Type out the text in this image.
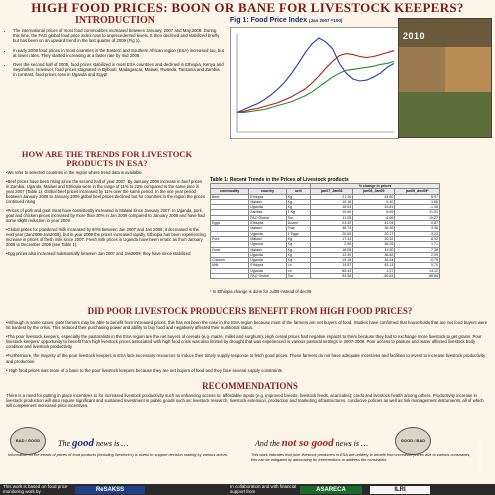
HIGH FOOD PRICES: BOON OR BANE FOR LIVESTOCK KEEPERS?
INTRODUCTION
• The international prices of most food commodities increased between January, 2007 and May,2008. During this time, the FAO global food price index rose to unprecedented levels. It then declined and stabilized briefly but has been on an upward trend in the last quarter of 2009 (Fig 1).
• In early 2008 food prices in most countries in the Eastern and Southern African region (ESA) increased too, but at lower rates. They started increasing at a faster rate by mid 2008.
• Over the second half of 2009, food prices stabilized in most ESA countries and declined in Ethiopia, Kenya and Seychelles. However, food prices stagnated in Djibouti, Madagascar, Malawi, Rwanda, Tanzania and Zambia. In contrast, food prices rose in Uganda and Egypt
Fig 1: Food Price Index (Jan 2007 =100)
2010
HOW ARE THE TRENDS FOR LIVESTOCK PRODUCTS IN ESA?

•We refer to selected countries in the region where trend data is available.

•Beef prices have been rising since the second half of year 2007. By January 2008 increase in beef prices in Zambia, Uganda, Malawi and Ethiopia were in the range of 11% to 22% compared to the same time in year 2007 (Table 1). Global beef prices increased by 11% over the same period. In the one year period between January 2008 to January 2009 global beef prices declined but for countries in the region the prices continued rising

•Prices of pork and goat meat have consistently increased in Malawi since January 2007. In Uganda, pork, goat and chicken prices increased by more than 30% in Jan 2009 compared to January 2008 and have had some slight reduction in year 2009.

•Global prices for powdered milk increased by 94% between Jan 2007 and Jan 2008, it decreased in the next year (Jan2008-Jan2009), but in year 2009 the prices increased rapidly. Ethiopia has been experiencing increase in prices of fresh milk since 2007. Fresh milk prices in Uganda have been erratic as from January 2008 to December 2009 (see Table 1)

•Egg prices also increased substantially between Jan 2007 and Jan2009; they have since stabilized

Table 1: Recent Trends in the Prices of Livestock products
			% change in prices		
commodity	country	unit	jan07_Jan08	jan08_Jan09	jan09_dec09*
Beef	Ethiopia	Kg	21.26	44.60	6.97
	Malawi	Kg	16.16	9.40	3.86
	Uganda	Kg	18.54	33.81	-1.38
	Zambia	1 Kg	10.69	6.59	11.51
	FAO Global	Ton	11.05	-6.69	19.27
Eggs	Ethiopia	Dozen	23.92	41.04	0.87
	Malawi	Tray	48.74	36.36	3.06
	Uganda	1 Eggs	20.65	20.17	-3.23
Pork	Malawi	Kg	17.34	30.32	8.92
	Uganda	Kg	2.96	36.25	1.71
Goat	Malawi	Kg	18.08	43.50	7.38
	Uganda	Kg	12.49	36.82	2.09
Chicken	Uganda	Kg	19.18	36.44	-0.79
Milk	Ethiopia	Ltr	14.57	45.13	5.70
	Uganda	Ltr	85.44	3.37	14.12
	FAO Global	Ton	94.38	-56.83	86.84
* In Ethiopia change is done for Jul09 instead of dec09
DID POOR LIVESTOCK PRODUCERS BENEFIT FROM HIGH FOOD PRICES?

•Although in some cases, poor farmers may be able to benefit from increased prices, this has not been the case in the ESA region because most of the farmers are net buyers of food. Studies have confirmed that households that are net food buyers were hit hardest by the crisis. This reduced their purchasing power and ability to buy food and negatively affected their nutritional status.

•The poor livestock keepers, especially the pastoralists in the ESA region are the net buyers of cereals (e.g. maize, millet and sorghum). High cereal prices had negative impacts to them because they had to exchange more livestock to get grains. Poor livestock keepers' opportunity to benefit from high livestock prices associated with high food crisis was also limited by drought that was experienced in various pastoral settings in 2007-2009. Poor access to pasture and water affected livestock body condition and livestock productivity

•Furthermore, the majority of the poor livestock keepers in ESA lack necessary resources to induce their timely supply response to fetch good prices. These farmers do not have adequate incentives and facilities to invest to increase livestock productivity and production

• High food prices was more of a bane to the poor livestock keepers because they are net buyers of food and they face several supply constraints

RECOMMENDATIONS
There is a need for putting in place incentives to for increased livestock productivity such as enhancing access to; affordable inputs (e.g. improved breeds, livestock feeds, acaricides); credit and livestock health among others. Productivity increase in livestock production will also require significant and sustained investment in public goods such as: livestock research, livestock extension, production and marketing infrastructures, conducive policies as well as risk management instruments, all of which will complement increased price incentives.
BAD / GOOD	The good news is …
Information on the trends of prices of food products (including livestock's) is useful to support decision making by various actors.
And the not so good news is …	GOOD / BAD
This work indicates that poor livestock producers in ESA are unlikely to benefit from increased prices due to various constraints, this can be mitigated by advocating for interventions to address the constraints.
This work is based on food price monitoring work by	ReSAKSS
In collaboration and with financial support from	ASARECA	ILRI
April 2010
